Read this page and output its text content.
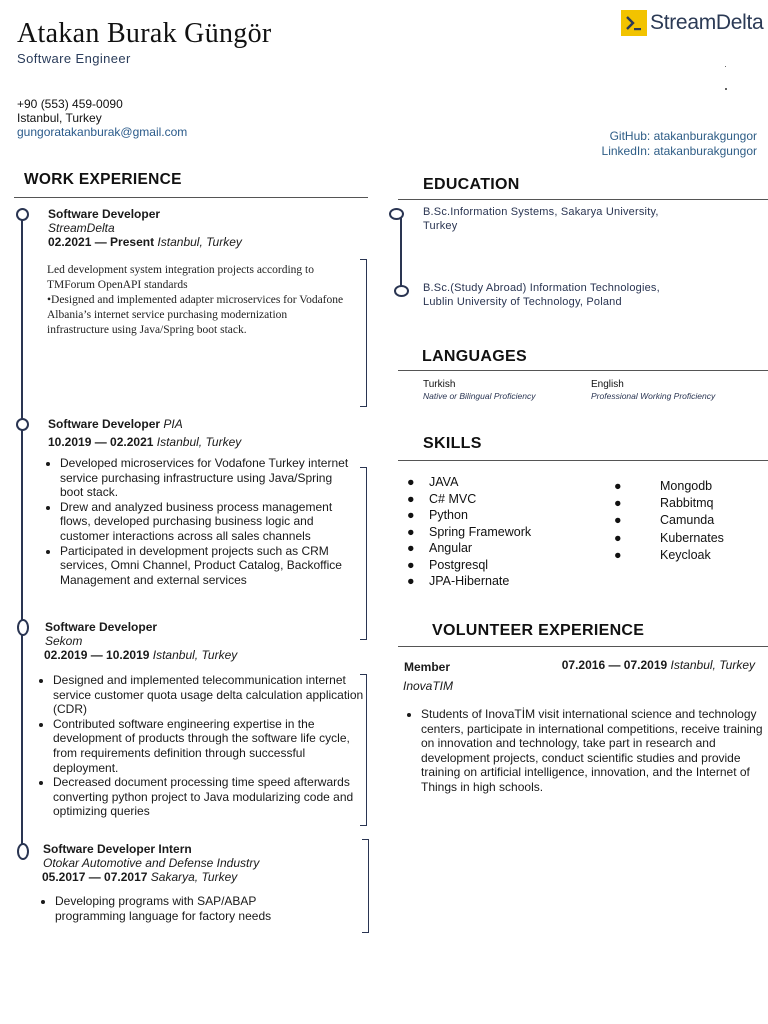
Atakan Burak Güngör
Software Engineer
+90 (553) 459-0090
Istanbul, Turkey
gungoratakanburak@gmail.com
StreamDelta
GitHub: atakanburakgungor
LinkedIn: atakanburakgungor
WORK EXPERIENCE
Software Developer
StreamDelta
02.2021 — Present Istanbul, Turkey
Led development system integration projects according to TMForum OpenAPI standards
•Designed and implemented adapter microservices for Vodafone Albania’s internet service purchasing modernization infrastructure using Java/Spring boot stack.
Software Developer PIA
10.2019 — 02.2021 Istanbul, Turkey
• Developed microservices for Vodafone Turkey internet service purchasing infrastructure using Java/Spring boot stack.
• Drew and analyzed business process management flows, developed purchasing business logic and customer interactions across all sales channels
• Participated in development projects such as CRM services, Omni Channel, Product Catalog, Backoffice Management and external services
Software Developer
Sekom
02.2019 — 10.2019 Istanbul, Turkey
• Designed and implemented telecommunication internet service customer quota usage delta calculation application (CDR)
• Contributed software engineering expertise in the development of products through the software life cycle, from requirements definition through successful deployment.
• Decreased document processing time speed afterwards converting python project to Java modularizing code and optimizing queries
Software Developer Intern
Otokar Automotive and Defense Industry
05.2017 — 07.2017 Sakarya, Turkey
• Developing programs with SAP/ABAP programming language for factory needs
EDUCATION
B.Sc.Information Systems, Sakarya University, Turkey
B.Sc.(Study Abroad) Information Technologies, Lublin University of Technology, Poland
LANGUAGES
Turkish
Native or Bilingual Proficiency
English
Professional Working Proficiency
SKILLS
●	JAVA
●	C# MVC
●	Python
●	Spring Framework
●	Angular
●	Postgresql
●	JPA-Hibernate
●	Mongodb
●	Rabbitmq
●	Camunda
●	Kubernates
●	Keycloak
VOLUNTEER EXPERIENCE
Member
InovaTIM
07.2016 — 07.2019 Istanbul, Turkey
• Students of InovaTİM visit international science and technology centers, participate in international competitions, receive training on innovation and technology, take part in research and development projects, conduct scientific studies and provide training on artificial intelligence, innovation, and the Internet of Things in high schools.
